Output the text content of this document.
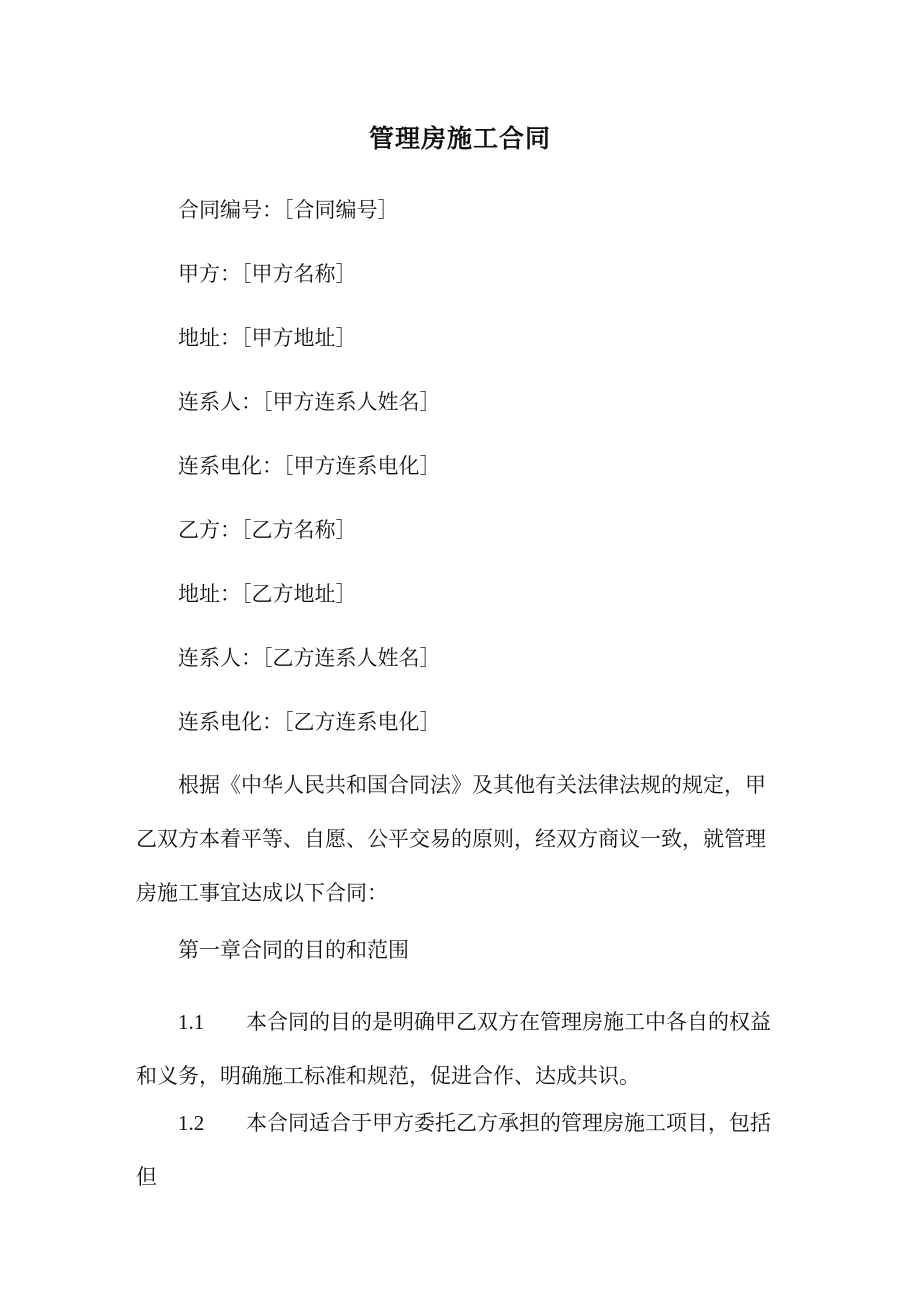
管理房施工合同
合同编号：［合同编号］
甲方：［甲方名称］
地址：［甲方地址］
连系人：［甲方连系人姓名］
连系电化：［甲方连系电化］
乙方：［乙方名称］
地址：［乙方地址］
连系人：［乙方连系人姓名］
连系电化：［乙方连系电化］
根据《中华人民共和国合同法》及其他有关法律法规的规定，甲乙双方本着平等、自愿、公平交易的原则，经双方商议一致，就管理房施工事宜达成以下合同：
第一章合同的目的和范围
1.1 本合同的目的是明确甲乙双方在管理房施工中各自的权益和义务，明确施工标准和规范，促进合作、达成共识。
1.2 本合同适合于甲方委托乙方承担的管理房施工项目，包括但
